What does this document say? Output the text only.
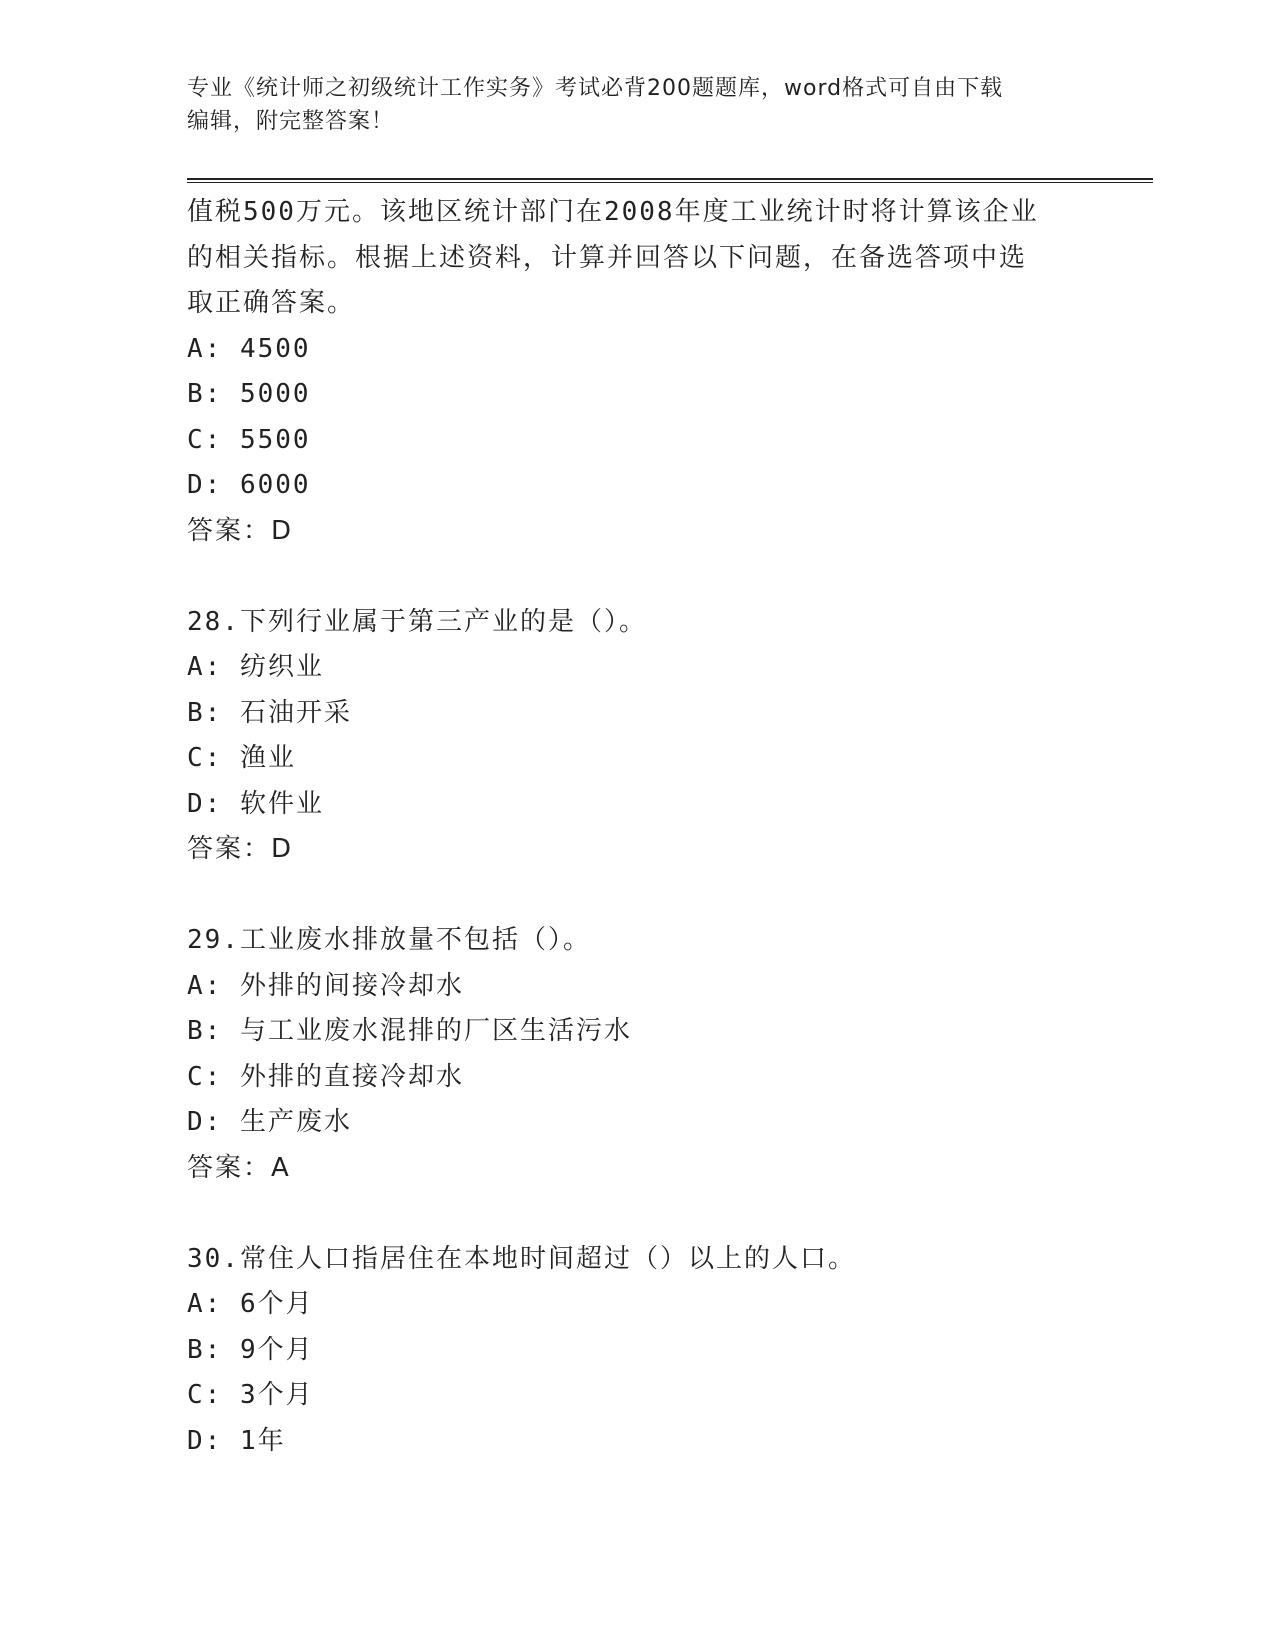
专业《统计师之初级统计工作实务》考试必背200题题库，word格式可自由下载
编辑，附完整答案！
值税500万元。该地区统计部门在2008年度工业统计时将计算该企业
的相关指标。根据上述资料，计算并回答以下问题，在备选答项中选
取正确答案。
A: 4500
B: 5000
C: 5500
D: 6000
答案：D
28.下列行业属于第三产业的是（）。
A: 纺织业
B: 石油开采
C: 渔业
D: 软件业
答案：D
29.工业废水排放量不包括（）。
A: 外排的间接冷却水
B: 与工业废水混排的厂区生活污水
C: 外排的直接冷却水
D: 生产废水
答案：A
30.常住人口指居住在本地时间超过（）以上的人口。
A: 6个月
B: 9个月
C: 3个月
D: 1年
